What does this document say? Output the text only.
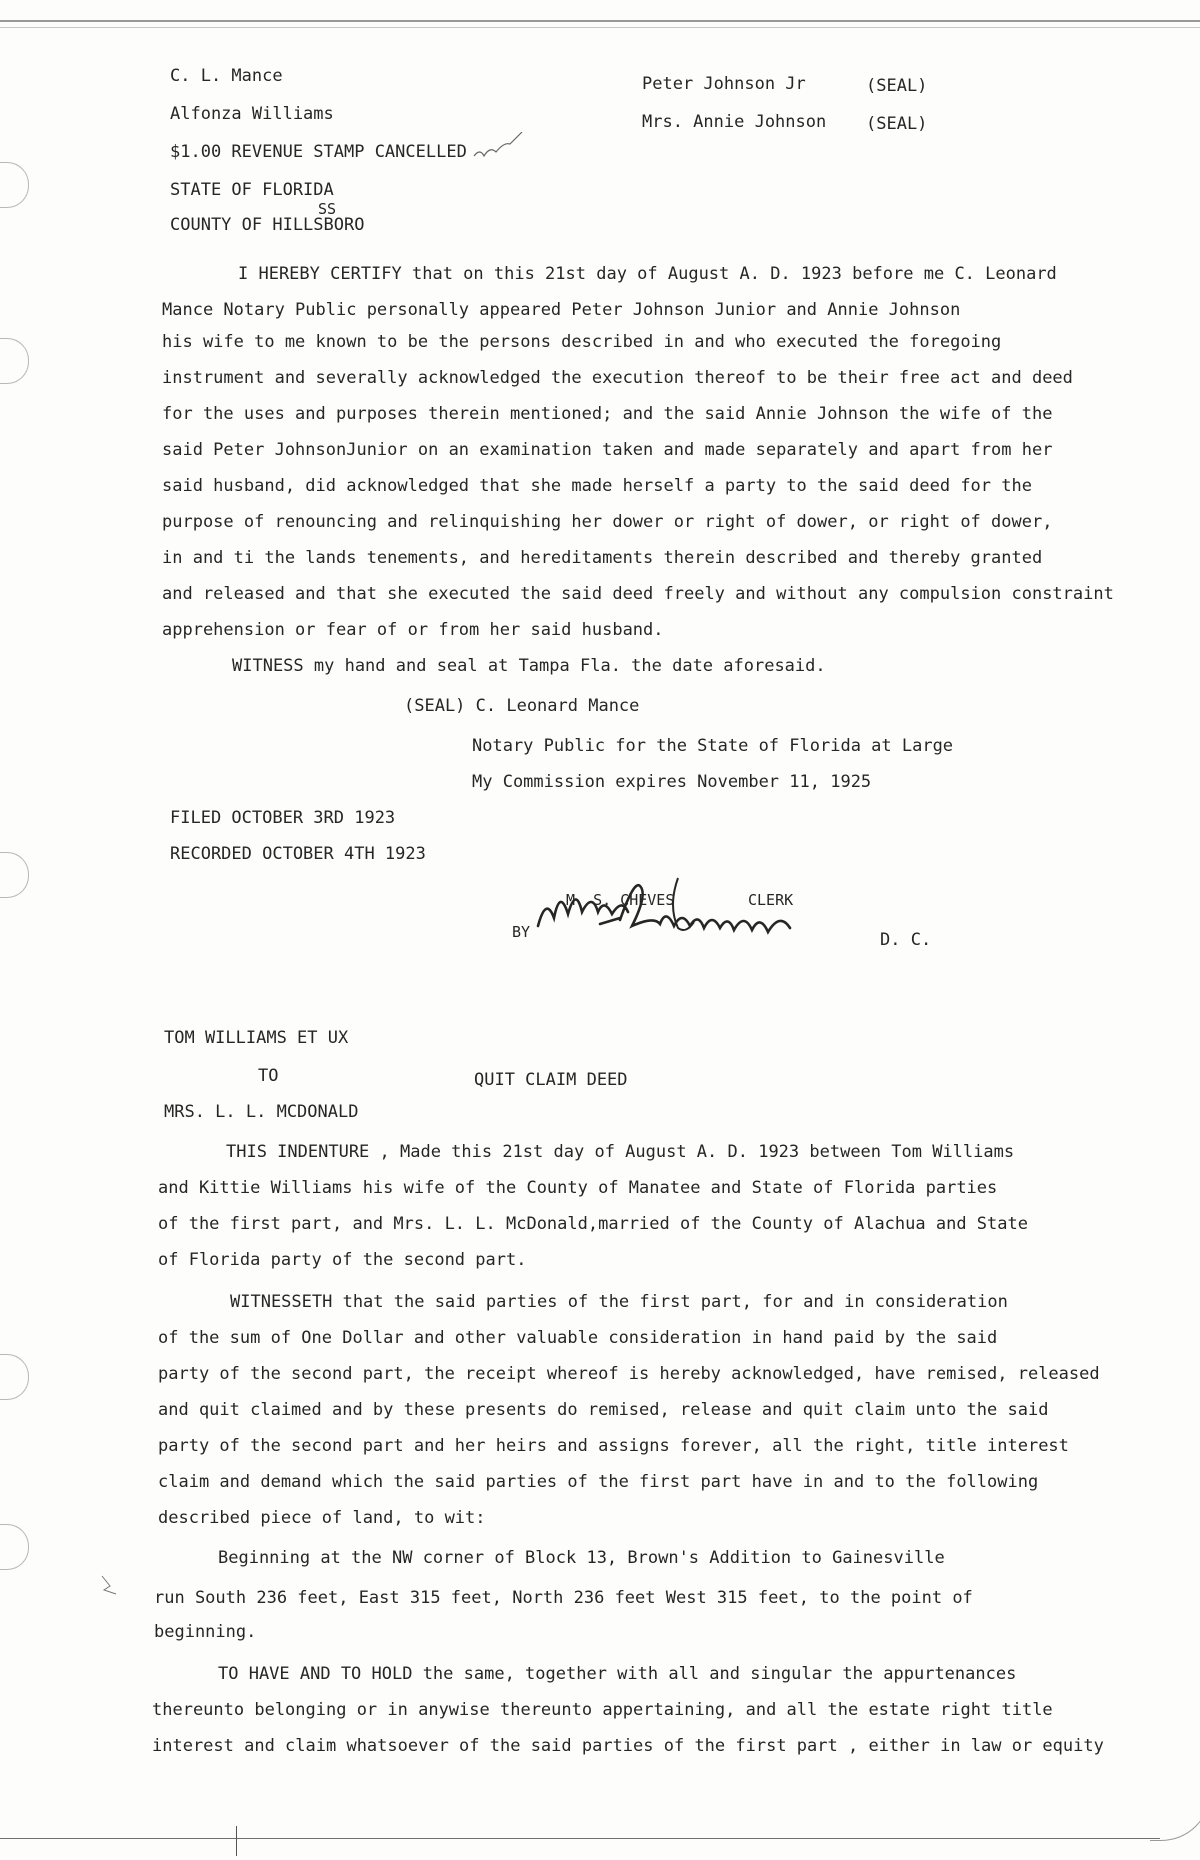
C. L. Mance
Alfonza Williams
Peter Johnson Jr	(SEAL)
Mrs. Annie Johnson (SEAL)
$1.00 REVENUE STAMP CANCELLED
STATE OF FLORIDA
SS
COUNTY OF HILLSBORO
I HEREBY CERTIFY that on this 21st day of August A. D. 1923 before me C. Leonard
Mance Notary Public personally appeared Peter Johnson Junior and Annie Johnson
his wife to me known to be the persons described in and who executed the foregoing
instrument and severally acknowledged the execution thereof to be their free act and deed
for the uses and purposes therein mentioned; and the said Annie Johnson the wife of the
said Peter JohnsonJunior on an examination taken and made separately and apart from her
said husband, did acknowledged that she made herself a party to the said deed for the
purpose of renouncing and relinquishing her dower or right of dower, or right of dower,
in and ti the lands tenements, and hereditaments therein described and thereby granted
and released and that she executed the said deed freely and without any compulsion constraint
apprehension or fear of or from her said husband.
WITNESS my hand and seal at Tampa Fla. the date aforesaid.
(SEAL) C. Leonard Mance
Notary Public for the State of Florida at Large
My Commission expires November 11, 1925
FILED OCTOBER 3RD 1923
RECORDED OCTOBER 4TH 1923
M. S. CHEVES	CLERK
BY	D. C.
TOM WILLIAMS ET UX
TO	QUIT CLAIM DEED
MRS. L. L. MCDONALD
THIS INDENTURE , Made this 21st day of August A. D. 1923 between Tom Williams
and Kittie Williams his wife of the County of Manatee and State of Florida parties
of the first part, and Mrs. L. L. McDonald,married of the County of Alachua and State
of Florida party of the second part.
WITNESSETH that the said parties of the first part, for and in consideration
of the sum of One Dollar and other valuable consideration in hand paid by the said
party of the second part, the receipt whereof is hereby acknowledged, have remised, released
and quit claimed and by these presents do remised, release and quit claim unto the said
party of the second part and her heirs and assigns forever, all the right, title interest
claim and demand which the said parties of the first part have in and to the following
described piece of land, to wit:
Beginning at the NW corner of Block 13, Brown's Addition to Gainesville
run South 236 feet, East 315 feet, North 236 feet West 315 feet, to the point of
beginning.
TO HAVE AND TO HOLD the same, together with all and singular the appurtenances
thereunto belonging or in anywise thereunto appertaining, and all the estate right title
interest and claim whatsoever of the said parties of the first part , either in law or equity
